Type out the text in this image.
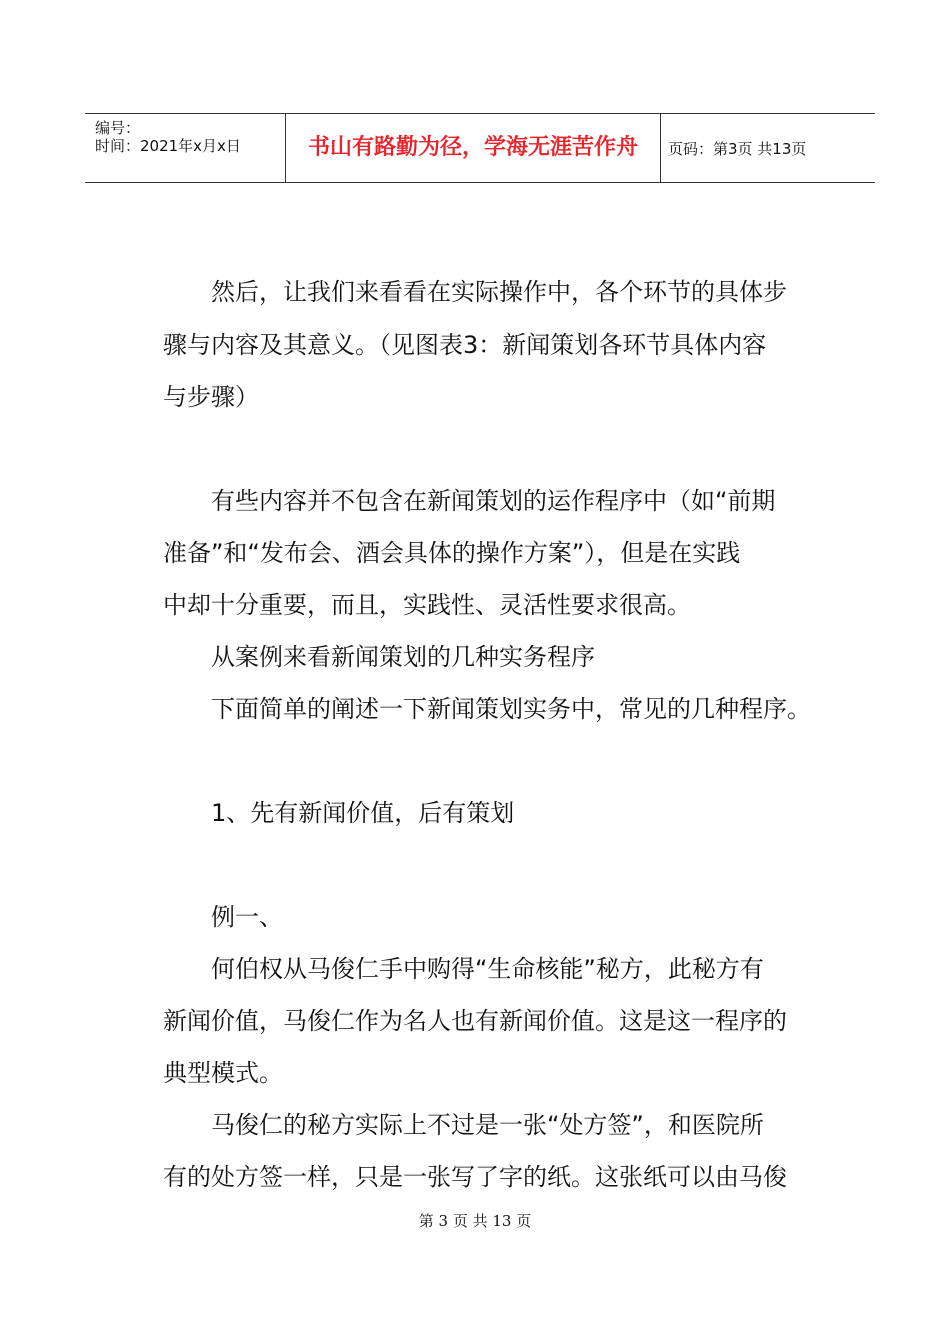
编号：
时间：2021年x月x日	书山有路勤为径，学海无涯苦作舟	页码：第3页 共13页
　　然后，让我们来看看在实际操作中，各个环节的具体步
骤与内容及其意义。（见图表3：新闻策划各环节具体内容
与步骤）
　　有些内容并不包含在新闻策划的运作程序中（如“前期
准备”和“发布会、酒会具体的操作方案”），但是在实践
中却十分重要，而且，实践性、灵活性要求很高。
　　从案例来看新闻策划的几种实务程序
　　下面简单的阐述一下新闻策划实务中，常见的几种程序。
　　1、先有新闻价值，后有策划
　　例一、
　　何伯权从马俊仁手中购得“生命核能”秘方，此秘方有
新闻价值，马俊仁作为名人也有新闻价值。这是这一程序的
典型模式。
　　马俊仁的秘方实际上不过是一张“处方签”，和医院所
有的处方签一样，只是一张写了字的纸。这张纸可以由马俊
第 3 页 共 13 页
